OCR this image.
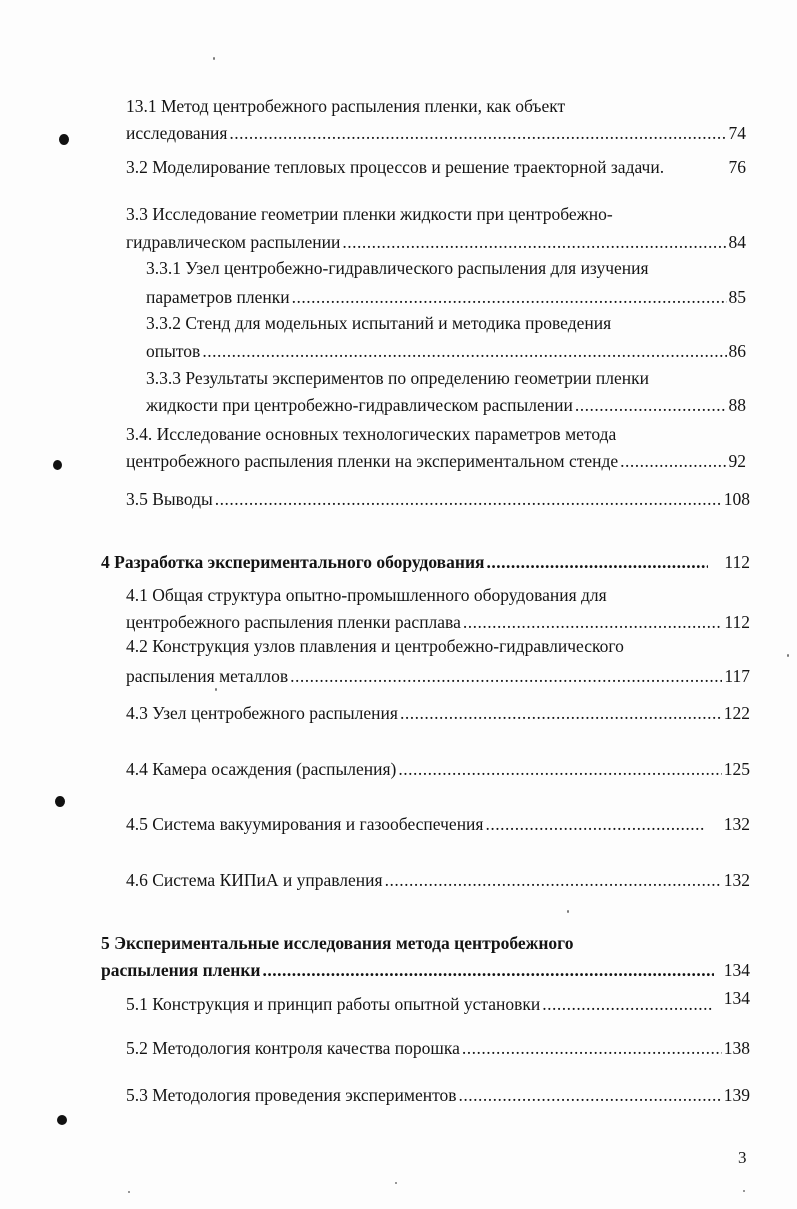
13.1 Метод центробежного распыления пленки, как объект
исследования .....	74
3.2
Моделирование тепловых процессов и решение траекторной задачи.	76
3.3 Исследование геометрии пленки жидкости при центробежно-
гидравлическом распылении .....	84
3.3.1 Узел центробежно-гидравлического распыления для изучения
параметров пленки .....	85
3.3.2 Стенд для модельных испытаний и методика проведения
опытов .....	86
3.3.3 Результаты экспериментов по определению геометрии пленки
жидкости при центробежно-гидравлическом распылении .....	88
3.4. Исследование основных технологических параметров метода
центробежного распыления пленки на экспериментальном стенде .....	92
3.5
Выводы .....	108
4
Разработка экспериментального оборудования .....	112
4.1 Общая структура опытно-промышленного оборудования для
центробежного распыления пленки расплава .....	112
4.2 Конструкция узлов плавления и центробежно-гидравлического
распыления металлов .....	117
4.3
Узел центробежного распыления .....	122
4.4
Камера осаждения (распыления) .....	125
4.5
Система вакуумирования и газообеспечения .....	132
4.6
Система КИПиА и управления .....	132
5 Экспериментальные исследования метода центробежного
распыления пленки .....	134
5.1
Конструкция и принцип работы опытной установки .....	134
5.2
Методология контроля качества порошка .....	138
5.3
Методология проведения экспериментов .....	139
3
